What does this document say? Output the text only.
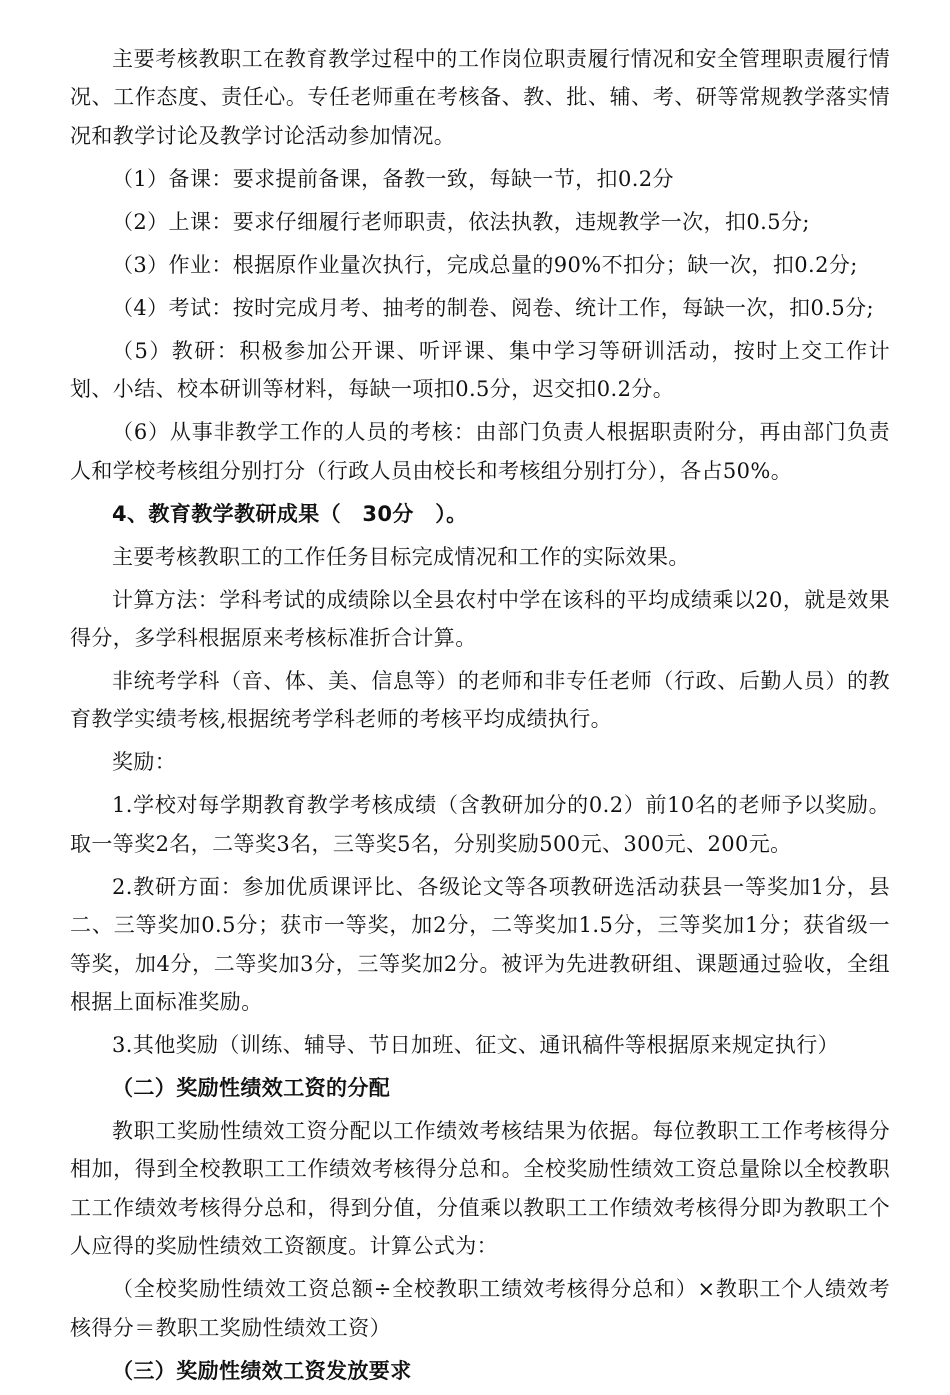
主要考核教职工在教育教学过程中的工作岗位职责履行情况和安全管理职责履行情况、工作态度、责任心。专任老师重在考核备、教、批、辅、考、研等常规教学落实情况和教学讨论及教学讨论活动参加情况。

（1）备课：要求提前备课，备教一致，每缺一节，扣0.2分

（2）上课：要求仔细履行老师职责，依法执教，违规教学一次，扣0.5分;

（3）作业：根据原作业量次执行，完成总量的90%不扣分；缺一次，扣0.2分;

（4）考试：按时完成月考、抽考的制卷、阅卷、统计工作，每缺一次，扣0.5分;

（5）教研：积极参加公开课、听评课、集中学习等研训活动，按时上交工作计划、小结、校本研训等材料，每缺一项扣0.5分，迟交扣0.2分。

（6）从事非教学工作的人员的考核：由部门负责人根据职责附分，再由部门负责人和学校考核组分别打分（行政人员由校长和考核组分别打分），各占50%。

4、教育教学教研成果（　30分　）。

主要考核教职工的工作任务目标完成情况和工作的实际效果。

计算方法：学科考试的成绩除以全县农村中学在该科的平均成绩乘以20，就是效果得分，多学科根据原来考核标准折合计算。

非统考学科（音、体、美、信息等）的老师和非专任老师（行政、后勤人员）的教育教学实绩考核,根据统考学科老师的考核平均成绩执行。

奖励：

1.学校对每学期教育教学考核成绩（含教研加分的0.2）前10名的老师予以奖励。取一等奖2名，二等奖3名，三等奖5名，分别奖励500元、300元、200元。

2.教研方面：参加优质课评比、各级论文等各项教研选活动获县一等奖加1分，县二、三等奖加0.5分；获市一等奖，加2分，二等奖加1.5分，三等奖加1分；获省级一等奖，加4分，二等奖加3分，三等奖加2分。被评为先进教研组、课题通过验收，全组根据上面标准奖励。

3.其他奖励（训练、辅导、节日加班、征文、通讯稿件等根据原来规定执行）

（二）奖励性绩效工资的分配

教职工奖励性绩效工资分配以工作绩效考核结果为依据。每位教职工工作考核得分相加，得到全校教职工工作绩效考核得分总和。全校奖励性绩效工资总量除以全校教职工工作绩效考核得分总和，得到分值，分值乘以教职工工作绩效考核得分即为教职工个人应得的奖励性绩效工资额度。计算公式为：

（全校奖励性绩效工资总额÷全校教职工绩效考核得分总和）×教职工个人绩效考核得分＝教职工奖励性绩效工资）

（三）奖励性绩效工资发放要求
